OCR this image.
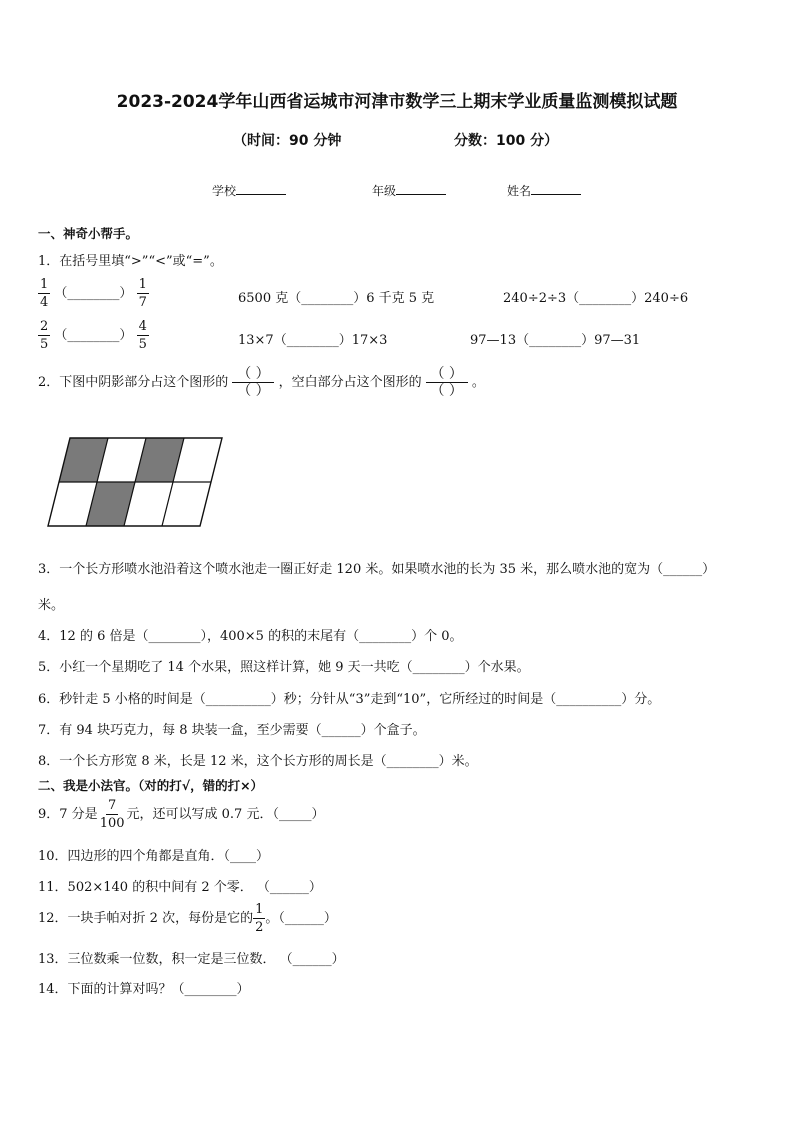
2023-2024学年山西省运城市河津市数学三上期末学业质量监测模拟试题
（时间：90 分钟	分数：100 分）
学校	年级	姓名
一、神奇小帮手。
1．在括号里填“>”“<”或“=”。
$\frac{1}{4}$ （________） $\frac{1}{7}$	6500 克（________）6 千克 5 克	240÷2÷3（________）240÷6
$\frac{2}{5}$ （________） $\frac{4}{5}$	13×7（________）17×3	97—13（________）97—31
2．下图中阴影部分占这个图形的 $\frac{( )}{( )}$ ，空白部分占这个图形的 $\frac{( )}{( )}$ 。
3．一个长方形喷水池沿着这个喷水池走一圈正好走 120 米。如果喷水池的长为 35 米，那么喷水池的宽为（______）
米。
4．12 的 6 倍是（________），400×5 的积的末尾有（________）个 0。
5．小红一个星期吃了 14 个水果，照这样计算，她 9 天一共吃（________）个水果。
6．秒针走 5 小格的时间是（__________）秒；分针从“3”走到“10”，它所经过的时间是（__________）分。
7．有 94 块巧克力，每 8 块装一盒，至少需要（______）个盒子。
8．一个长方形宽 8 米，长是 12 米，这个长方形的周长是（________）米。
二、我是小法官。（对的打√，错的打×）
9．7 分是 $\frac{7}{100}$ 元，还可以写成 0.7 元．（_____）
10．四边形的四个角都是直角．（____）
11．502×140 的积中间有 2 个零． （______）
12．一块手帕对折 2 次，每份是它的 $\frac{1}{2}$ 。（______）
13．三位数乘一位数，积一定是三位数． （______）
14．下面的计算对吗？（________）
